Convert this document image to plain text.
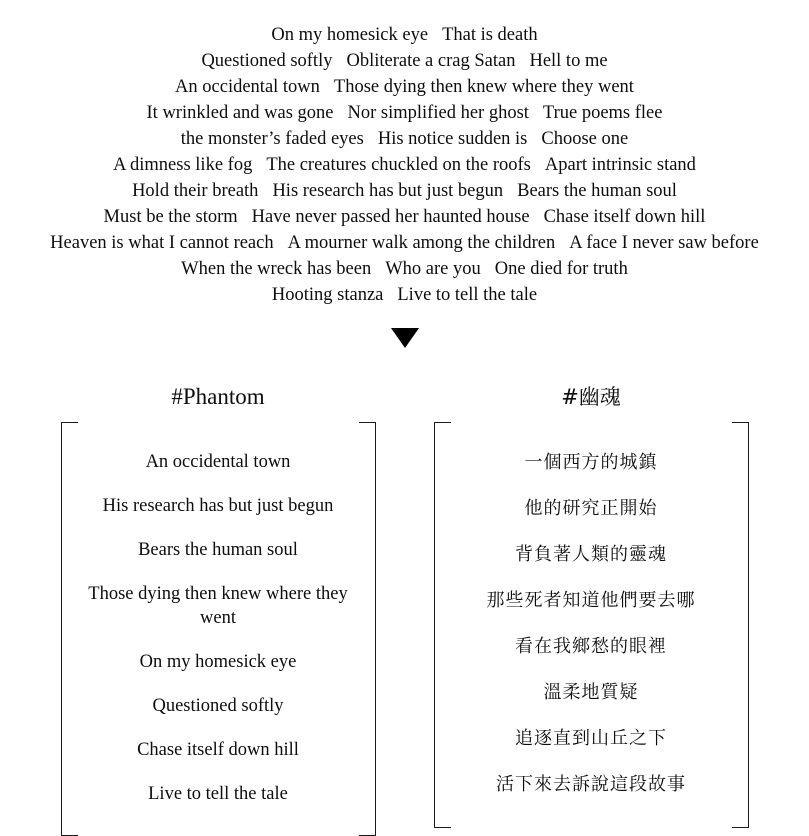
On my homesick eye That is death
Questioned softly Obliterate a crag Satan Hell to me
An occidental town Those dying then knew where they went
It wrinkled and was gone Nor simplified her ghost True poems flee
the monster’s faded eyes His notice sudden is Choose one
A dimness like fog The creatures chuckled on the roofs Apart intrinsic stand
Hold their breath His research has but just begun Bears the human soul
Must be the storm Have never passed her haunted house Chase itself down hill
Heaven is what I cannot reach A mourner walk among the children A face I never saw before
When the wreck has been Who are you One died for truth
Hooting stanza Live to tell the tale
#Phantom
An occidental town
His research has but just begun
Bears the human soul
Those dying then knew where they went
On my homesick eye
Questioned softly
Chase itself down hill
Live to tell the tale
#幽魂
一個西方的城鎮
他的研究正開始
背負著人類的靈魂
那些死者知道他們要去哪
看在我鄉愁的眼裡
溫柔地質疑
追逐直到山丘之下
活下來去訴說這段故事
